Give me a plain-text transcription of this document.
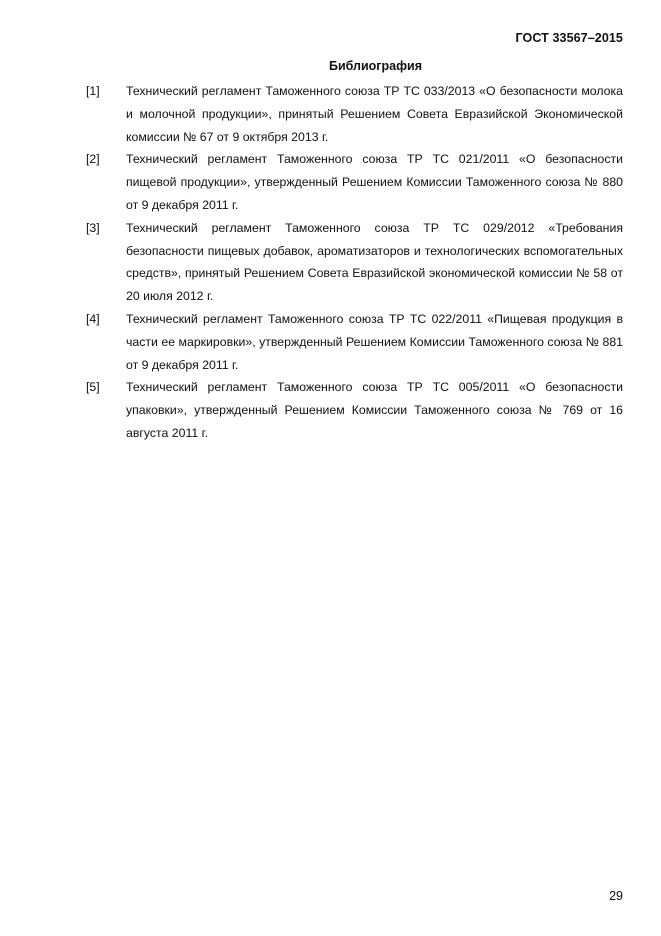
ГОСТ 33567–2015
Библиография
[1] Технический регламент Таможенного союза ТР ТС 033/2013 «О безопасности молока и молочной продукции», принятый Решением Совета Евразийской Экономической комиссии № 67 от 9 октября 2013 г.
[2] Технический регламент Таможенного союза ТР ТС 021/2011 «О безопасности пищевой продукции», утвержденный Решением Комиссии Таможенного союза № 880 от 9 декабря 2011 г.
[3] Технический регламент Таможенного союза ТР ТС 029/2012 «Требования безопасности пищевых добавок, ароматизаторов и технологических вспомогательных средств», принятый Решением Совета Евразийской экономической комиссии № 58 от 20 июля 2012 г.
[4] Технический регламент Таможенного союза ТР ТС 022/2011 «Пищевая продукция в части ее маркировки», утвержденный Решением Комиссии Таможенного союза № 881 от 9 декабря 2011 г.
[5] Технический регламент Таможенного союза ТР ТС 005/2011 «О безопасности упаковки», утвержденный Решением Комиссии Таможенного союза № 769 от 16 августа 2011 г.
29
